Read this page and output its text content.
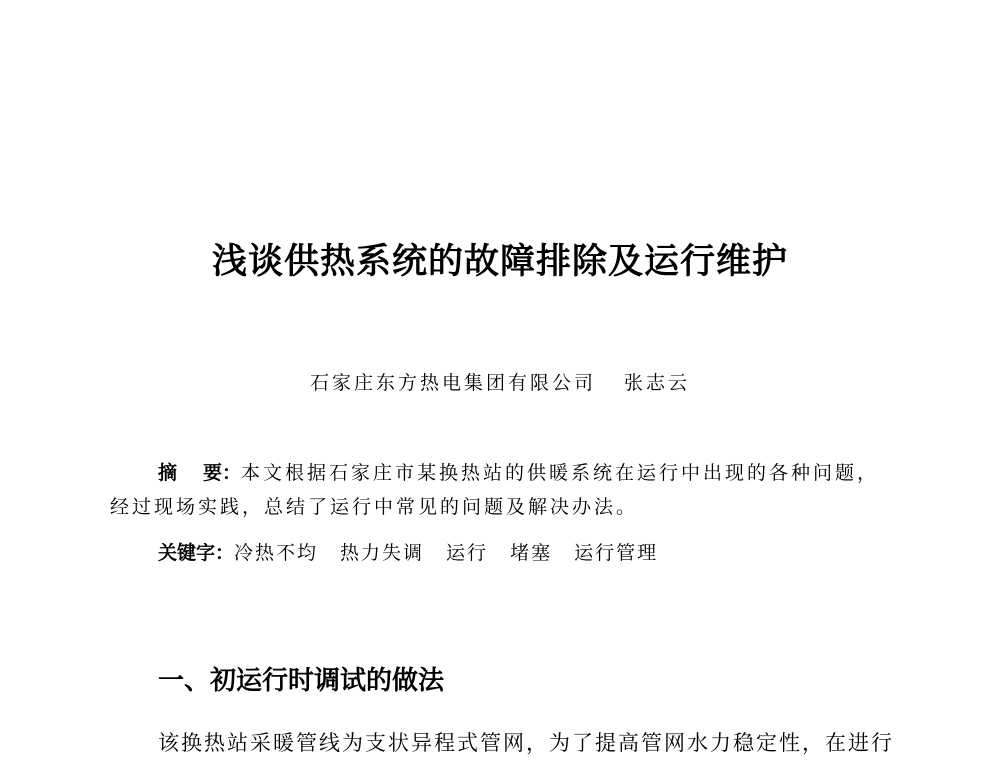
浅谈供热系统的故障排除及运行维护
石家庄东方热电集团有限公司 张志云
摘 要：本文根据石家庄市某换热站的供暖系统在运行中出现的各种问题，经过现场实践，总结了运行中常见的问题及解决办法。
关键字：冷热不均 热力失调 运行 堵塞 运行管理
一、初运行时调试的做法
该换热站采暖管线为支状异程式管网，为了提高管网水力稳定性，在进行
